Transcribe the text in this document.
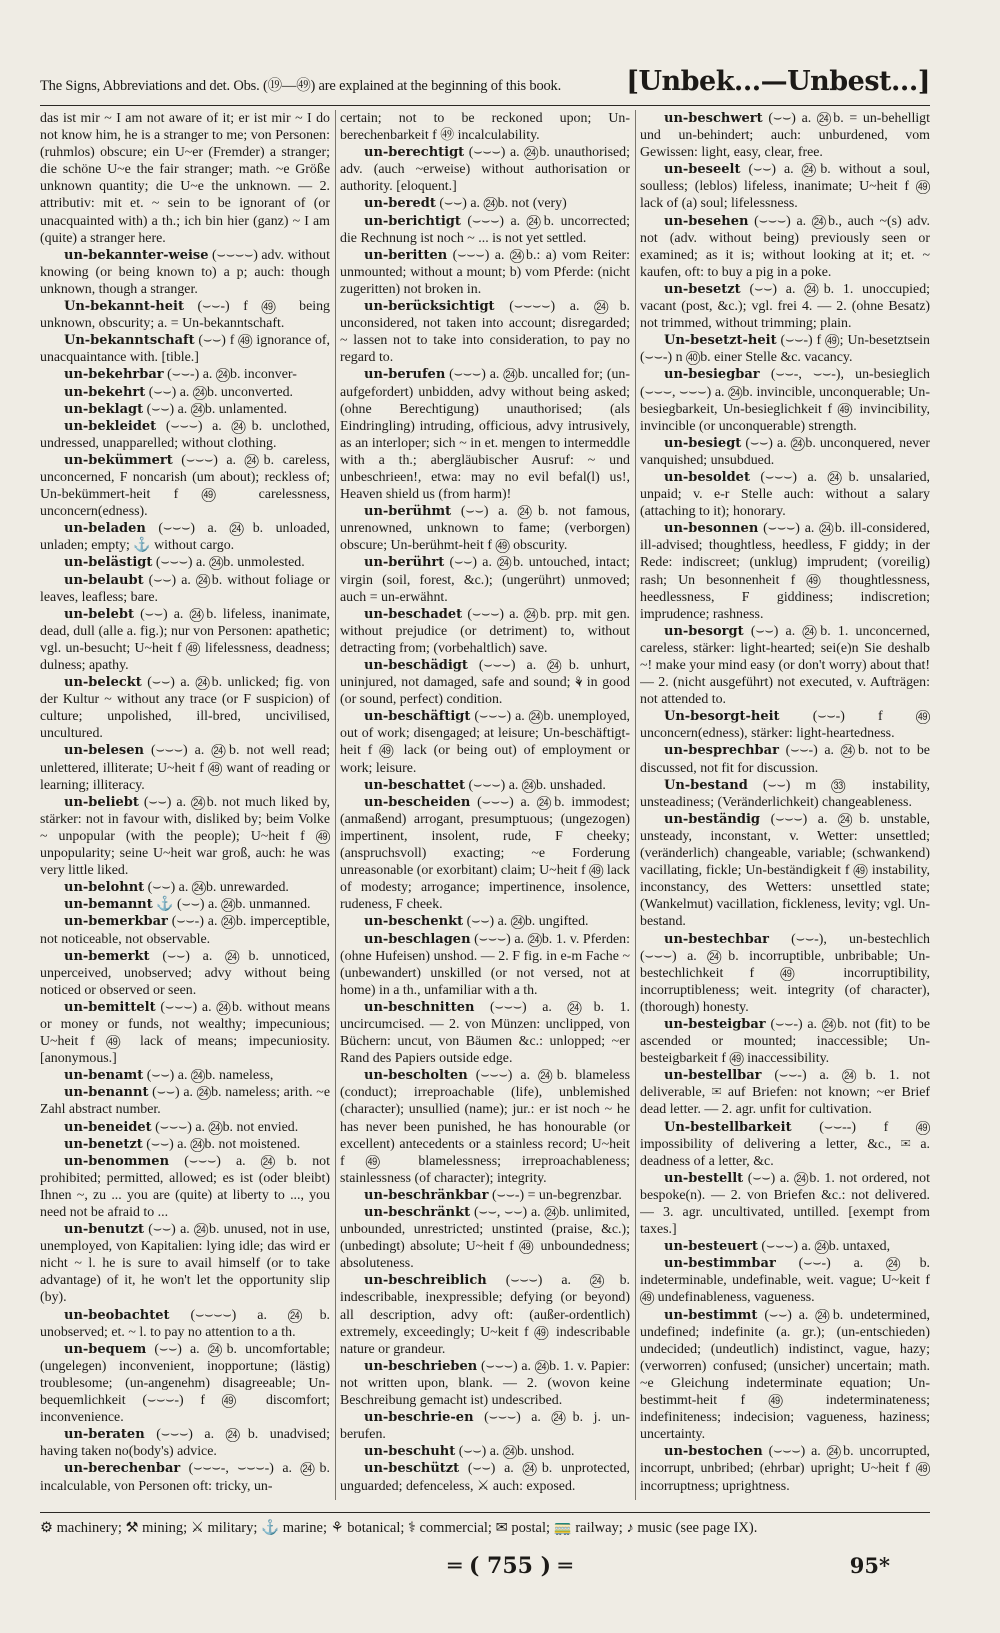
The Signs, Abbreviations and det. Obs. (⑲—㊾) are explained at the beginning of this book. [Unbek...—Unbest...]

das ist mir ~ I am not aware of it; er ist mir ~ I do not know him, he is a stranger to me; von Personen: (ruhmlos) obscure; ein U~er (Fremder) a stranger; die schöne U~e the fair stranger; math. ~e Größe unknown quantity; die U~e the unknown. — 2. attributiv: mit et. ~ sein to be ignorant of (or unacquainted with) a th.; ich bin hier (ganz) ~ I am (quite) a stranger here.

un-bekannter-weise (⌣⌣⌣⌣) adv. without knowing (or being known to) a p; auch: though unknown, though a stranger.

Un-bekannt-heit (⌣⌣-) f ㊾ being unknown, obscurity; a. = Un-bekanntschaft.

Un-bekanntschaft (⌣⌣) f ㊾ ignorance of, unacquaintance with. [tible.]

un-bekehrbar (⌣⌣-) a. ㉔b. inconver-

un-bekehrt (⌣⌣) a. ㉔b. unconverted.

un-beklagt (⌣⌣) a. ㉔b. unlamented.

un-bekleidet (⌣⌣⌣) a. ㉔b. unclothed, undressed, unapparelled; without clothing.

un-bekümmert (⌣⌣⌣) a. ㉔b. careless, unconcerned, F noncarish (um about); reckless of; Un-bekümmert-heit f ㊾ carelessness, unconcern(edness).

un-beladen (⌣⌣⌣) a. ㉔b. unloaded, unladen; empty; ⚓ without cargo.

un-belästigt (⌣⌣⌣) a. ㉔b. unmolested.

un-belaubt (⌣⌣) a. ㉔b. without foliage or leaves, leafless; bare.

un-belebt (⌣⌣) a. ㉔b. lifeless, inanimate, dead, dull (alle a. fig.); nur von Personen: apathetic; vgl. un-besucht; U~heit f ㊾ lifelessness, deadness; dulness; apathy.

un-beleckt (⌣⌣) a. ㉔b. unlicked; fig. von der Kultur ~ without any trace (or F suspicion) of culture; unpolished, ill-bred, uncivilised, uncultured.

un-belesen (⌣⌣⌣) a. ㉔b. not well read; unlettered, illiterate; U~heit f ㊾ want of reading or learning; illiteracy.

un-beliebt (⌣⌣) a. ㉔b. not much liked by, stärker: not in favour with, disliked by; beim Volke ~ unpopular (with the people); U~heit f ㊾ unpopularity; seine U~heit war groß, auch: he was very little liked.

un-belohnt (⌣⌣) a. ㉔b. unrewarded.

un-bemannt ⚓ (⌣⌣) a. ㉔b. unmanned.

un-bemerkbar (⌣⌣-) a. ㉔b. imperceptible, not noticeable, not observable.

un-bemerkt (⌣⌣) a. ㉔b. unnoticed, unperceived, unobserved; advy without being noticed or observed or seen.

un-bemittelt (⌣⌣⌣) a. ㉔b. without means or money or funds, not wealthy; impecunious; U~heit f ㊾ lack of means; impecuniosity. [anonymous.]

un-benamt (⌣⌣) a. ㉔b. nameless,

un-benannt (⌣⌣) a. ㉔b. nameless; arith. ~e Zahl abstract number.

un-beneidet (⌣⌣⌣) a. ㉔b. not envied.

un-benetzt (⌣⌣) a. ㉔b. not moistened.

un-benommen (⌣⌣⌣) a. ㉔b. not prohibited; permitted, allowed; es ist (oder bleibt) Ihnen ~, zu ... you are (quite) at liberty to ..., you need not be afraid to ...

un-benutzt (⌣⌣) a. ㉔b. unused, not in use, unemployed, von Kapitalien: lying idle; das wird er nicht ~ l. he is sure to avail himself (or to take advantage) of it, he won't let the opportunity slip (by).

un-beobachtet (⌣⌣⌣⌣) a. ㉔b. unobserved; et. ~ l. to pay no attention to a th.

un-bequem (⌣⌣) a. ㉔b. uncomfortable; (ungelegen) inconvenient, inopportune; (lästig) troublesome; (un-angenehm) disagreeable; Un-bequemlichkeit (⌣⌣⌣-) f ㊾ discomfort; inconvenience.

un-beraten (⌣⌣⌣) a. ㉔b. unadvised; having taken no(body's) advice.

un-berechenbar (⌣⌣⌣-, ⌣⌣⌣-) a. ㉔b. incalculable, von Personen oft: tricky, un-

certain; not to be reckoned upon; Un-berechenbarkeit f ㊾ incalculability.

un-berechtigt (⌣⌣⌣) a. ㉔b. unauthorised; adv. (auch ~erweise) without authorisation or authority. [eloquent.]

un-beredt (⌣⌣) a. ㉔b. not (very)

un-berichtigt (⌣⌣⌣) a. ㉔b. uncorrected; die Rechnung ist noch ~ ... is not yet settled.

un-beritten (⌣⌣⌣) a. ㉔b.: a) vom Reiter: unmounted; without a mount; b) vom Pferde: (nicht zugeritten) not broken in.

un-berücksichtigt (⌣⌣⌣⌣) a. ㉔b. unconsidered, not taken into account; disregarded; ~ lassen not to take into consideration, to pay no regard to.

un-berufen (⌣⌣⌣) a. ㉔b. uncalled for; (un-aufgefordert) unbidden, advy without being asked; (ohne Berechtigung) unauthorised; (als Eindringling) intruding, officious, advy intrusively, as an interloper; sich ~ in et. mengen to intermeddle with a th.; abergläubischer Ausruf: ~ und unbeschrieen!, etwa: may no evil befal(l) us!, Heaven shield us (from harm)!

un-berühmt (⌣⌣) a. ㉔b. not famous, unrenowned, unknown to fame; (verborgen) obscure; Un-berühmt-heit f ㊾ obscurity.

un-berührt (⌣⌣) a. ㉔b. untouched, intact; virgin (soil, forest, &c.); (ungerührt) unmoved; auch = un-erwähnt.

un-beschadet (⌣⌣⌣) a. ㉔b. prp. mit gen. without prejudice (or detriment) to, without detracting from; (vorbehaltlich) save.

un-beschädigt (⌣⌣⌣) a. ㉔b. unhurt, uninjured, not damaged, safe and sound; ⚘ in good (or sound, perfect) condition.

un-beschäftigt (⌣⌣⌣) a. ㉔b. unemployed, out of work; disengaged; at leisure; Un-beschäftigt-heit f ㊾ lack (or being out) of employment or work; leisure.

un-beschattet (⌣⌣⌣) a. ㉔b. unshaded.

un-bescheiden (⌣⌣⌣) a. ㉔b. immodest; (anmaßend) arrogant, presumptuous; (ungezogen) impertinent, insolent, rude, F cheeky; (anspruchsvoll) exacting; ~e Forderung unreasonable (or exorbitant) claim; U~heit f ㊾ lack of modesty; arrogance; impertinence, insolence, rudeness, F cheek.

un-beschenkt (⌣⌣) a. ㉔b. ungifted.

un-beschlagen (⌣⌣⌣) a. ㉔b. 1. v. Pferden: (ohne Hufeisen) unshod. — 2. F fig. in e-m Fache ~ (unbewandert) unskilled (or not versed, not at home) in a th., unfamiliar with a th.

un-beschnitten (⌣⌣⌣) a. ㉔b. 1. uncircumcised. — 2. von Münzen: unclipped, von Büchern: uncut, von Bäumen &c.: unlopped; ~er Rand des Papiers outside edge.

un-bescholten (⌣⌣⌣) a. ㉔b. blameless (conduct); irreproachable (life), unblemished (character); unsullied (name); jur.: er ist noch ~ he has never been punished, he has honourable (or excellent) antecedents or a stainless record; U~heit f ㊾ blamelessness; irreproachableness; stainlessness (of character); integrity.

un-beschränkbar (⌣⌣-) = un-begrenzbar.

un-beschränkt (⌣⌣, ⌣⌣) a. ㉔b. unlimited, unbounded, unrestricted; unstinted (praise, &c.); (unbedingt) absolute; U~heit f ㊾ unboundedness; absoluteness.

un-beschreiblich (⌣⌣⌣) a. ㉔b. indescribable, inexpressible; defying (or beyond) all description, advy oft: (außer-ordentlich) extremely, exceedingly; U~keit f ㊾ indescribable nature or grandeur.

un-beschrieben (⌣⌣⌣) a. ㉔b. 1. v. Papier: not written upon, blank. — 2. (wovon keine Beschreibung gemacht ist) undescribed.

un-beschrie-en (⌣⌣⌣) a. ㉔b. j. un-berufen.

un-beschuht (⌣⌣) a. ㉔b. unshod.

un-beschützt (⌣⌣) a. ㉔b. unprotected, unguarded; defenceless, ⚔ auch: exposed.

un-beschwert (⌣⌣) a. ㉔b. = un-behelligt und un-behindert; auch: unburdened, vom Gewissen: light, easy, clear, free.

un-beseelt (⌣⌣) a. ㉔b. without a soul, soulless; (leblos) lifeless, inanimate; U~heit f ㊾ lack of (a) soul; lifelessness.

un-besehen (⌣⌣⌣) a. ㉔b., auch ~(s) adv. not (adv. without being) previously seen or examined; as it is; without looking at it; et. ~ kaufen, oft: to buy a pig in a poke.

un-besetzt (⌣⌣) a. ㉔b. 1. unoccupied; vacant (post, &c.); vgl. frei 4. — 2. (ohne Besatz) not trimmed, without trimming; plain.

Un-besetzt-heit (⌣⌣-) f ㊾; Un-besetztsein (⌣⌣-) n ㊵b. einer Stelle &c. vacancy.

un-besiegbar (⌣⌣-, ⌣⌣-), un-besieglich (⌣⌣⌣, ⌣⌣⌣) a. ㉔b. invincible, unconquerable; Un-besiegbarkeit, Un-besieglichkeit f ㊾ invincibility, invincible (or unconquerable) strength.

un-besiegt (⌣⌣) a. ㉔b. unconquered, never vanquished; unsubdued.

un-besoldet (⌣⌣⌣) a. ㉔b. unsalaried, unpaid; v. e-r Stelle auch: without a salary (attaching to it); honorary.

un-besonnen (⌣⌣⌣) a. ㉔b. ill-considered, ill-advised; thoughtless, heedless, F giddy; in der Rede: indiscreet; (unklug) imprudent; (voreilig) rash; Un besonnenheit f ㊾ thoughtlessness, heedlessness, F giddiness; indiscretion; imprudence; rashness.

un-besorgt (⌣⌣) a. ㉔b. 1. unconcerned, careless, stärker: light-hearted; sei(e)n Sie deshalb ~! make your mind easy (or don't worry) about that! — 2. (nicht ausgeführt) not executed, v. Aufträgen: not attended to.

Un-besorgt-heit (⌣⌣-) f ㊾ unconcern(edness), stärker: light-heartedness.

un-besprechbar (⌣⌣-) a. ㉔b. not to be discussed, not fit for discussion.

Un-bestand (⌣⌣) m ㉝ instability, unsteadiness; (Veränderlichkeit) changeableness.

un-beständig (⌣⌣⌣) a. ㉔b. unstable, unsteady, inconstant, v. Wetter: unsettled; (veränderlich) changeable, variable; (schwankend) vacillating, fickle; Un-beständigkeit f ㊾ instability, inconstancy, des Wetters: unsettled state; (Wankelmut) vacillation, fickleness, levity; vgl. Un-bestand.

un-bestechbar (⌣⌣-), un-bestechlich (⌣⌣⌣) a. ㉔b. incorruptible, unbribable; Un-bestechlichkeit f ㊾ incorruptibility, incorruptibleness; weit. integrity (of character), (thorough) honesty.

un-besteigbar (⌣⌣-) a. ㉔b. not (fit) to be ascended or mounted; inaccessible; Un-besteigbarkeit f ㊾ inaccessibility.

un-bestellbar (⌣⌣-) a. ㉔b. 1. not deliverable, ✉ auf Briefen: not known; ~er Brief dead letter. — 2. agr. unfit for cultivation.

Un-bestellbarkeit (⌣⌣--) f ㊾ impossibility of delivering a letter, &c., ✉ a. deadness of a letter, &c.

un-bestellt (⌣⌣) a. ㉔b. 1. not ordered, not bespoke(n). — 2. von Briefen &c.: not delivered. — 3. agr. uncultivated, untilled. [exempt from taxes.]

un-besteuert (⌣⌣⌣) a. ㉔b. untaxed,

un-bestimmbar (⌣⌣-) a. ㉔b. indeterminable, undefinable, weit. vague; U~keit f ㊾ undefinableness, vagueness.

un-bestimmt (⌣⌣) a. ㉔b. undetermined, undefined; indefinite (a. gr.); (un-entschieden) undecided; (undeutlich) indistinct, vague, hazy; (verworren) confused; (unsicher) uncertain; math. ~e Gleichung indeterminate equation; Un-bestimmt-heit f ㊾ indeterminateness; indefiniteness; indecision; vagueness, haziness; uncertainty.

un-bestochen (⌣⌣⌣) a. ㉔b. uncorrupted, incorrupt, unbribed; (ehrbar) upright; U~heit f ㊾ incorruptness; uprightness.

⚙ machinery; ⚒ mining; ⚔ military; ⚓ marine; ⚘ botanical; ⚕ commercial; ✉ postal; 🚃 railway; ♪ music (see page IX).
═ ( 755 ) ═	95*
